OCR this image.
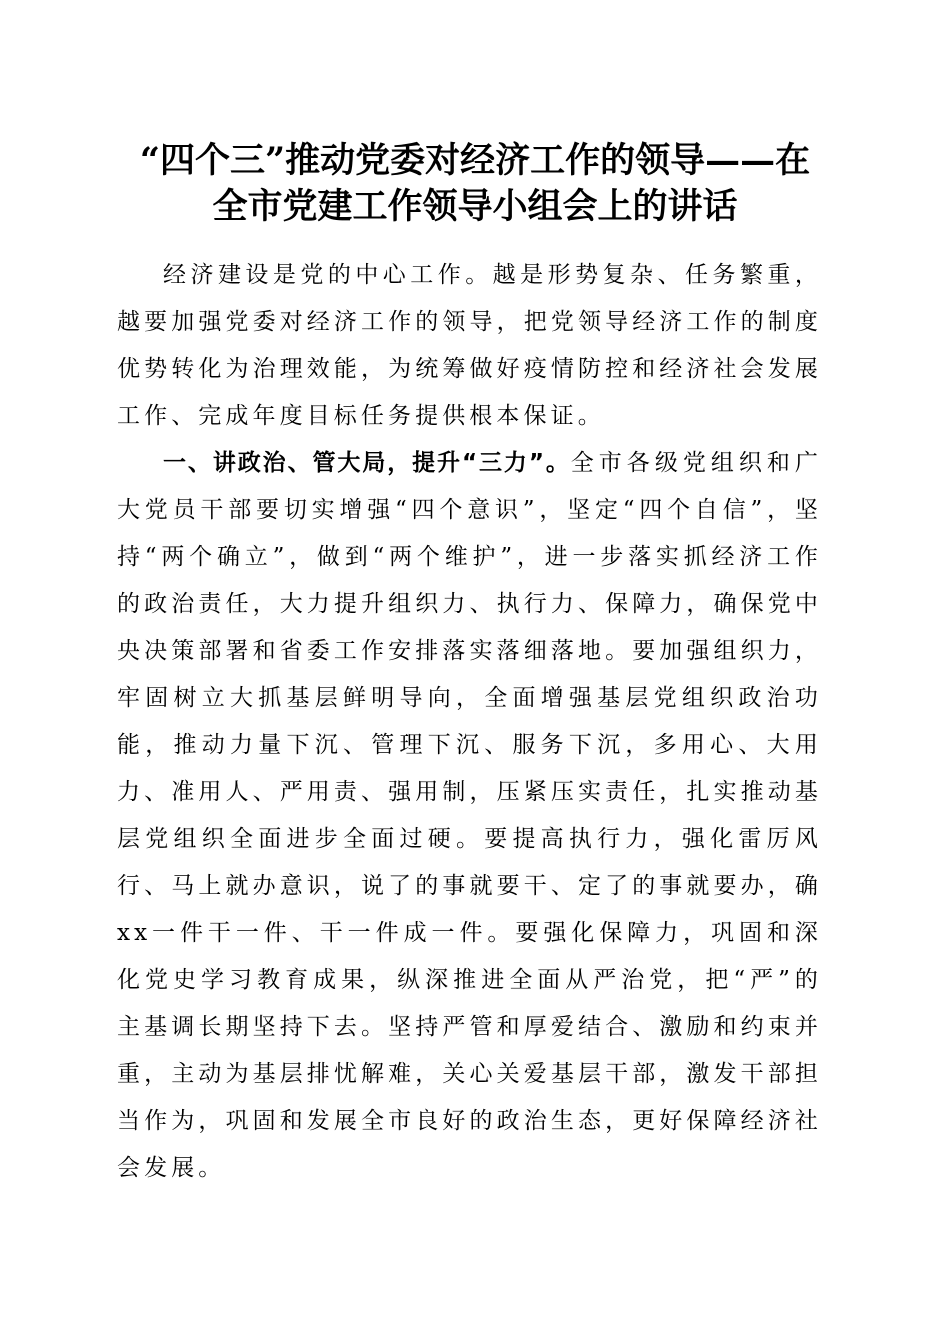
“四个三”推动党委对经济工作的领导——在
全市党建工作领导小组会上的讲话

经济建设是党的中心工作。越是形势复杂、任务繁重，越要加强党委对经济工作的领导，把党领导经济工作的制度优势转化为治理效能，为统筹做好疫情防控和经济社会发展工作、完成年度目标任务提供根本保证。

一、讲政治、管大局，提升“三力”。全市各级党组织和广大党员干部要切实增强“四个意识”，坚定“四个自信”，坚持“两个确立”，做到“两个维护”，进一步落实抓经济工作的政治责任，大力提升组织力、执行力、保障力，确保党中央决策部署和省委工作安排落实落细落地。要加强组织力，牢固树立大抓基层鲜明导向，全面增强基层党组织政治功能，推动力量下沉、管理下沉、服务下沉，多用心、大用力、准用人、严用责、强用制，压紧压实责任，扎实推动基层党组织全面进步全面过硬。要提高执行力，强化雷厉风行、马上就办意识，说了的事就要干、定了的事就要办，确xx一件干一件、干一件成一件。要强化保障力，巩固和深化党史学习教育成果，纵深推进全面从严治党，把“严”的主基调长期坚持下去。坚持严管和厚爱结合、激励和约束并重，主动为基层排忧解难，关心关爱基层干部，激发干部担当作为，巩固和发展全市良好的政治生态，更好保障经济社会发展。
